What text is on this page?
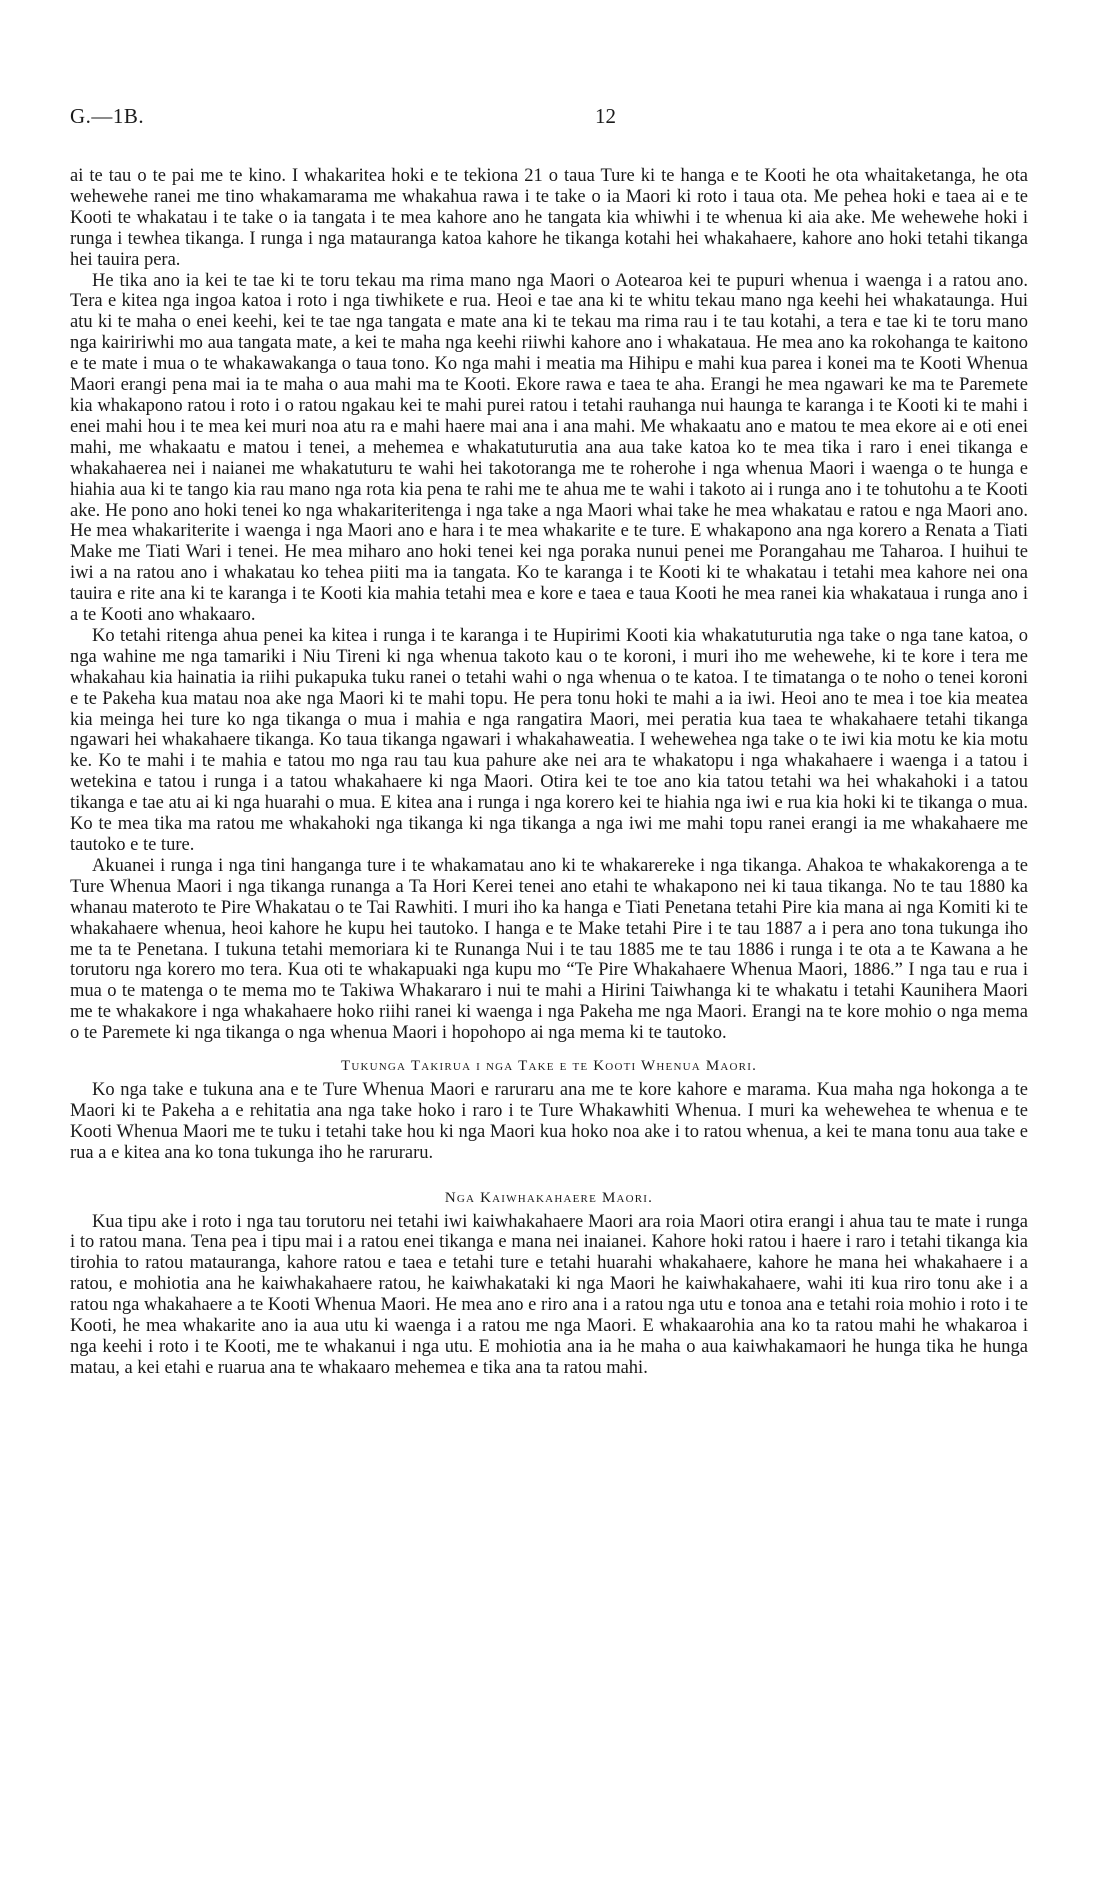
G.—1B.	12

ai te tau o te pai me te kino. I whakaritea hoki e te tekiona 21 o taua Ture ki te hanga e te Kooti he ota whaitaketanga, he ota wehewehe ranei me tino whakamarama me whakahua rawa i te take o ia Maori ki roto i taua ota. Me pehea hoki e taea ai e te Kooti te whakatau i te take o ia tangata i te mea kahore ano he tangata kia whiwhi i te whenua ki aia ake. Me wehewehe hoki i runga i tewhea tikanga. I runga i nga matauranga katoa kahore he tikanga kotahi hei whakahaere, kahore ano hoki tetahi tikanga hei tauira pera.

He tika ano ia kei te tae ki te toru tekau ma rima mano nga Maori o Aotearoa kei te pupuri whenua i waenga i a ratou ano. Tera e kitea nga ingoa katoa i roto i nga tiwhikete e rua. Heoi e tae ana ki te whitu tekau mano nga keehi hei whakataunga. Hui atu ki te maha o enei keehi, kei te tae nga tangata e mate ana ki te tekau ma rima rau i te tau kotahi, a tera e tae ki te toru mano nga kaiririwhi mo aua tangata mate, a kei te maha nga keehi riiwhi kahore ano i whakataua. He mea ano ka rokohanga te kaitono e te mate i mua o te whakawakanga o taua tono. Ko nga mahi i meatia ma Hihipu e mahi kua parea i konei ma te Kooti Whenua Maori erangi pena mai ia te maha o aua mahi ma te Kooti. Ekore rawa e taea te aha. Erangi he mea ngawari ke ma te Paremete kia whakapono ratou i roto i o ratou ngakau kei te mahi purei ratou i tetahi rauhanga nui haunga te karanga i te Kooti ki te mahi i enei mahi hou i te mea kei muri noa atu ra e mahi haere mai ana i ana mahi. Me whakaatu ano e matou te mea ekore ai e oti enei mahi, me whakaatu e matou i tenei, a mehemea e whakatuturutia ana aua take katoa ko te mea tika i raro i enei tikanga e whakahaerea nei i naianei me whakatuturu te wahi hei takotoranga me te roherohe i nga whenua Maori i waenga o te hunga e hiahia aua ki te tango kia rau mano nga rota kia pena te rahi me te ahua me te wahi i takoto ai i runga ano i te tohutohu a te Kooti ake. He pono ano hoki tenei ko nga whakariteritenga i nga take a nga Maori whai take he mea whakatau e ratou e nga Maori ano. He mea whakariterite i waenga i nga Maori ano e hara i te mea whakarite e te ture. E whakapono ana nga korero a Renata a Tiati Make me Tiati Wari i tenei. He mea miharo ano hoki tenei kei nga poraka nunui penei me Porangahau me Taharoa. I huihui te iwi a na ratou ano i whakatau ko tehea piiti ma ia tangata. Ko te karanga i te Kooti ki te whakatau i tetahi mea kahore nei ona tauira e rite ana ki te karanga i te Kooti kia mahia tetahi mea e kore e taea e taua Kooti he mea ranei kia whakataua i runga ano i a te Kooti ano whakaaro.

Ko tetahi ritenga ahua penei ka kitea i runga i te karanga i te Hupirimi Kooti kia whakatuturutia nga take o nga tane katoa, o nga wahine me nga tamariki i Niu Tireni ki nga whenua takoto kau o te koroni, i muri iho me wehewehe, ki te kore i tera me whakahau kia hainatia ia riihi pukapuka tuku ranei o tetahi wahi o nga whenua o te katoa. I te timatanga o te noho o tenei koroni e te Pakeha kua matau noa ake nga Maori ki te mahi topu. He pera tonu hoki te mahi a ia iwi. Heoi ano te mea i toe kia meatea kia meinga hei ture ko nga tikanga o mua i mahia e nga rangatira Maori, mei peratia kua taea te whakahaere tetahi tikanga ngawari hei whakahaere tikanga. Ko taua tikanga ngawari i whakahaweatia. I wehewehea nga take o te iwi kia motu ke kia motu ke. Ko te mahi i te mahia e tatou mo nga rau tau kua pahure ake nei ara te whakatopu i nga whakahaere i waenga i a tatou i wetekina e tatou i runga i a tatou whakahaere ki nga Maori. Otira kei te toe ano kia tatou tetahi wa hei whakahoki i a tatou tikanga e tae atu ai ki nga huarahi o mua. E kitea ana i runga i nga korero kei te hiahia nga iwi e rua kia hoki ki te tikanga o mua. Ko te mea tika ma ratou me whakahoki nga tikanga ki nga tikanga a nga iwi me mahi topu ranei erangi ia me whakahaere me tautoko e te ture.

Akuanei i runga i nga tini hanganga ture i te whakamatau ano ki te whakarereke i nga tikanga. Ahakoa te whakakorenga a te Ture Whenua Maori i nga tikanga runanga a Ta Hori Kerei tenei ano etahi te whakapono nei ki taua tikanga. No te tau 1880 ka whanau materoto te Pire Whakatau o te Tai Rawhiti. I muri iho ka hanga e Tiati Penetana tetahi Pire kia mana ai nga Komiti ki te whakahaere whenua, heoi kahore he kupu hei tautoko. I hanga e te Make tetahi Pire i te tau 1887 a i pera ano tona tukunga iho me ta te Penetana. I tukuna tetahi memoriara ki te Runanga Nui i te tau 1885 me te tau 1886 i runga i te ota a te Kawana a he torutoru nga korero mo tera. Kua oti te whakapuaki nga kupu mo “Te Pire Whakahaere Whenua Maori, 1886.” I nga tau e rua i mua o te matenga o te mema mo te Takiwa Whakararo i nui te mahi a Hirini Taiwhanga ki te whakatu i tetahi Kaunihera Maori me te whakakore i nga whakahaere hoko riihi ranei ki waenga i nga Pakeha me nga Maori. Erangi na te kore mohio o nga mema o te Paremete ki nga tikanga o nga whenua Maori i hopohopo ai nga mema ki te tautoko.

Tukunga Takirua i nga Take e te Kooti Whenua Maori.

Ko nga take e tukuna ana e te Ture Whenua Maori e raruraru ana me te kore kahore e marama. Kua maha nga hokonga a te Maori ki te Pakeha a e rehitatia ana nga take hoko i raro i te Ture Whakawhiti Whenua. I muri ka wehewehea te whenua e te Kooti Whenua Maori me te tuku i tetahi take hou ki nga Maori kua hoko noa ake i to ratou whenua, a kei te mana tonu aua take e rua a e kitea ana ko tona tukunga iho he raruraru.

Nga Kaiwhakahaere Maori.

Kua tipu ake i roto i nga tau torutoru nei tetahi iwi kaiwhakahaere Maori ara roia Maori otira erangi i ahua tau te mate i runga i to ratou mana. Tena pea i tipu mai i a ratou enei tikanga e mana nei inaianei. Kahore hoki ratou i haere i raro i tetahi tikanga kia tirohia to ratou matauranga, kahore ratou e taea e tetahi ture e tetahi huarahi whakahaere, kahore he mana hei whakahaere i a ratou, e mohiotia ana he kaiwhakahaere ratou, he kaiwhakataki ki nga Maori he kaiwhakahaere, wahi iti kua riro tonu ake i a ratou nga whakahaere a te Kooti Whenua Maori. He mea ano e riro ana i a ratou nga utu e tonoa ana e tetahi roia mohio i roto i te Kooti, he mea whakarite ano ia aua utu ki waenga i a ratou me nga Maori. E whakaarohia ana ko ta ratou mahi he whakaroa i nga keehi i roto i te Kooti, me te whakanui i nga utu. E mohiotia ana ia he maha o aua kaiwhakamaori he hunga tika he hunga matau, a kei etahi e ruarua ana te whakaaro mehemea e tika ana ta ratou mahi.
